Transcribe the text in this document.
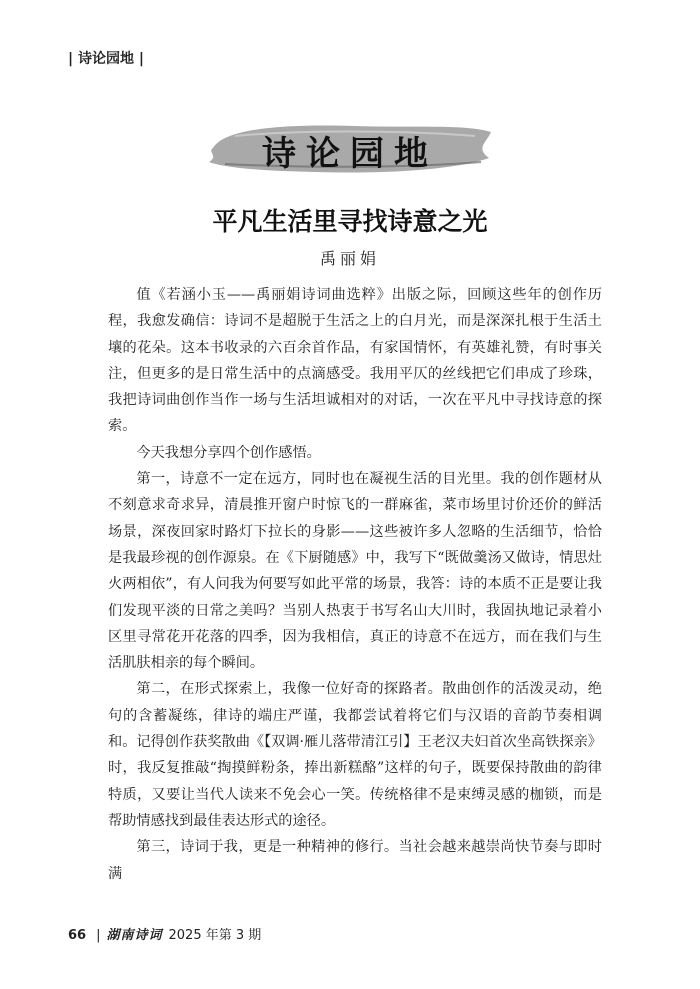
| 诗论园地 |
诗论园地
平凡生活里寻找诗意之光
禹丽娟

值《若涵小玉——禹丽娟诗词曲选粹》出版之际，回顾这些年的创作历程，我愈发确信：诗词不是超脱于生活之上的白月光，而是深深扎根于生活土壤的花朵。这本书收录的六百余首作品，有家国情怀，有英雄礼赞，有时事关注，但更多的是日常生活中的点滴感受。我用平仄的丝线把它们串成了珍珠，我把诗词曲创作当作一场与生活坦诚相对的对话，一次在平凡中寻找诗意的探索。

今天我想分享四个创作感悟。

第一，诗意不一定在远方，同时也在凝视生活的目光里。我的创作题材从不刻意求奇求异，清晨推开窗户时惊飞的一群麻雀，菜市场里讨价还价的鲜活场景，深夜回家时路灯下拉长的身影——这些被许多人忽略的生活细节，恰恰是我最珍视的创作源泉。在《下厨随感》中，我写下“既做羹汤又做诗，情思灶火两相依”，有人问我为何要写如此平常的场景，我答：诗的本质不正是要让我们发现平淡的日常之美吗？当别人热衷于书写名山大川时，我固执地记录着小区里寻常花开花落的四季，因为我相信，真正的诗意不在远方，而在我们与生活肌肤相亲的每个瞬间。

第二，在形式探索上，我像一位好奇的探路者。散曲创作的活泼灵动，绝句的含蓄凝练，律诗的端庄严谨，我都尝试着将它们与汉语的音韵节奏相调和。记得创作获奖散曲《【双调·雁儿落带清江引】王老汉夫妇首次坐高铁探亲》时，我反复推敲“掏摸鲜粉条，捧出新糕酪”这样的句子，既要保持散曲的韵律特质，又要让当代人读来不免会心一笑。传统格律不是束缚灵感的枷锁，而是帮助情感找到最佳表达形式的途径。

第三，诗词于我，更是一种精神的修行。当社会越来越崇尚快节奏与即时满

66 | 湖南诗词 2025 年第 3 期
